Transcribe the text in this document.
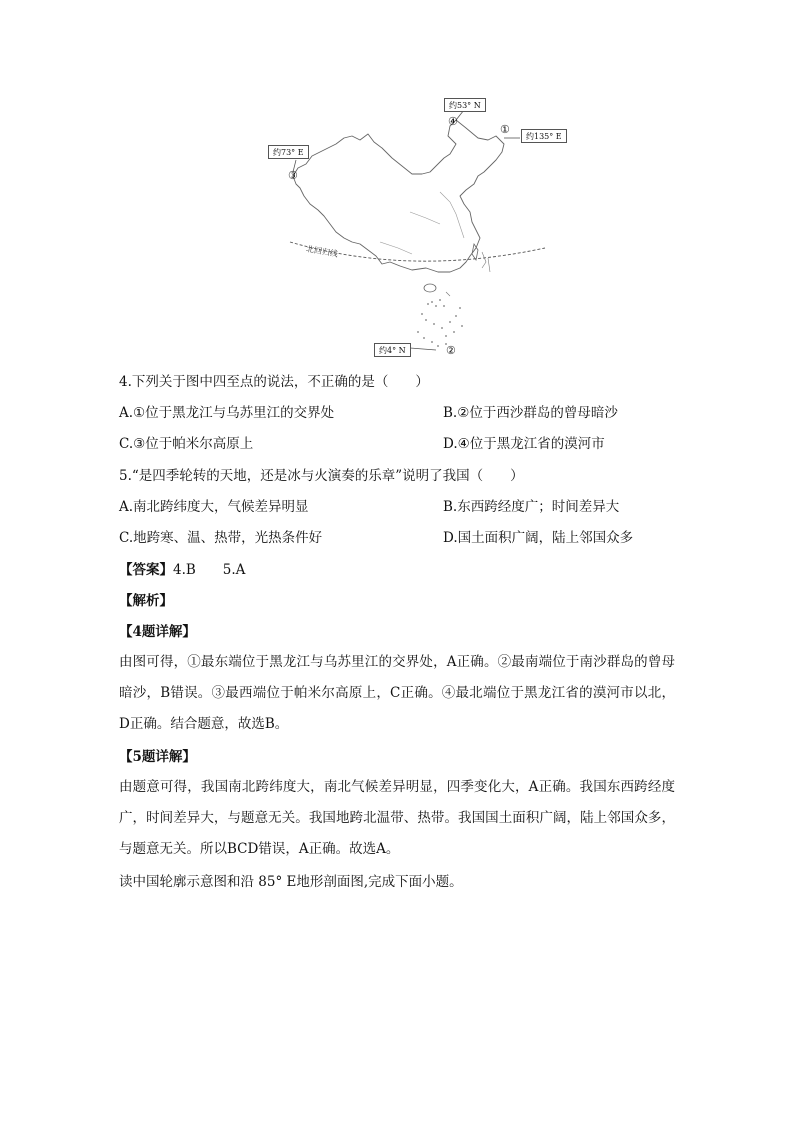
约53° N
约135° E
约73° E
约4° N
北回归线
①
②
③
④
4.下列关于图中四至点的说法，不正确的是（　　）
A.①位于黑龙江与乌苏里江的交界处	B.②位于西沙群岛的曾母暗沙
C.③位于帕米尔高原上	D.④位于黑龙江省的漠河市
5.“是四季轮转的天地，还是冰与火演奏的乐章”说明了我国（　　）
A.南北跨纬度大，气候差异明显	B.东西跨经度广；时间差异大
C.地跨寒、温、热带，光热条件好	D.国土面积广阔，陆上邻国众多
【答案】4.B　　5.A
【解析】
【4题详解】
由图可得，①最东端位于黑龙江与乌苏里江的交界处，A正确。②最南端位于南沙群岛的曾母暗沙，B错误。③最西端位于帕米尔高原上，C正确。④最北端位于黑龙江省的漠河市以北，D正确。结合题意，故选B。
【5题详解】
由题意可得，我国南北跨纬度大，南北气候差异明显，四季变化大，A正确。我国东西跨经度广，时间差异大，与题意无关。我国地跨北温带、热带。我国国土面积广阔，陆上邻国众多，与题意无关。所以BCD错误，A正确。故选A。
读中国轮廓示意图和沿 85° E地形剖面图,完成下面小题。
